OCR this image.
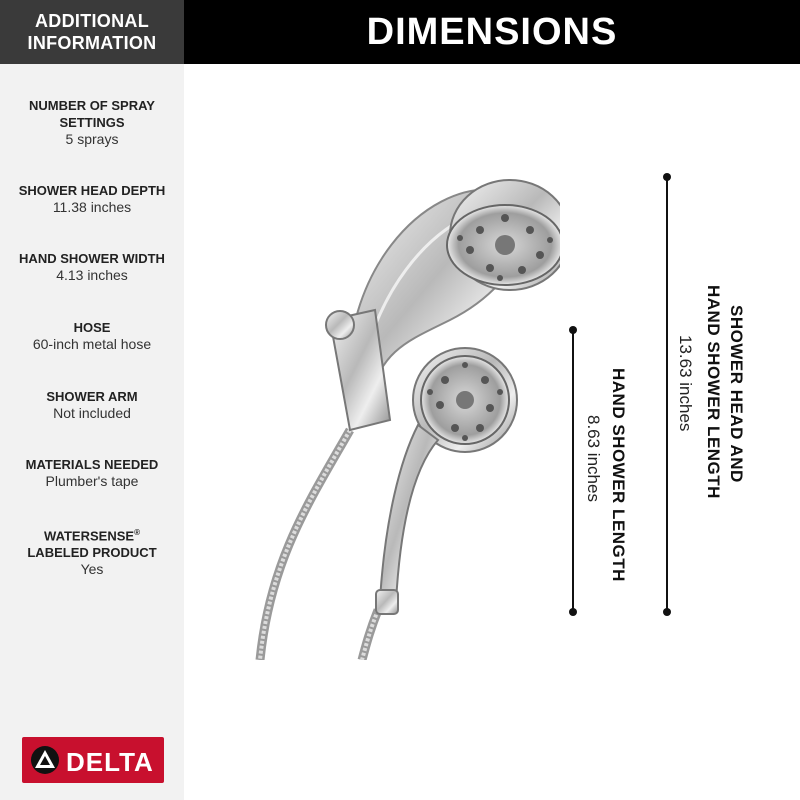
ADDITIONAL
INFORMATION
NUMBER OF SPRAY
SETTINGS
5 sprays
SHOWER HEAD DEPTH
11.38 inches
HAND SHOWER WIDTH
4.13 inches
HOSE
60-inch metal hose
SHOWER ARM
Not included
MATERIALS NEEDED
Plumber's tape
WATERSENSE®
LABELED PRODUCT
Yes
DELTA
DIMENSIONS
SHOWER HEAD AND
HAND SHOWER LENGTH
13.63 inches
HAND SHOWER LENGTH
8.63 inches
